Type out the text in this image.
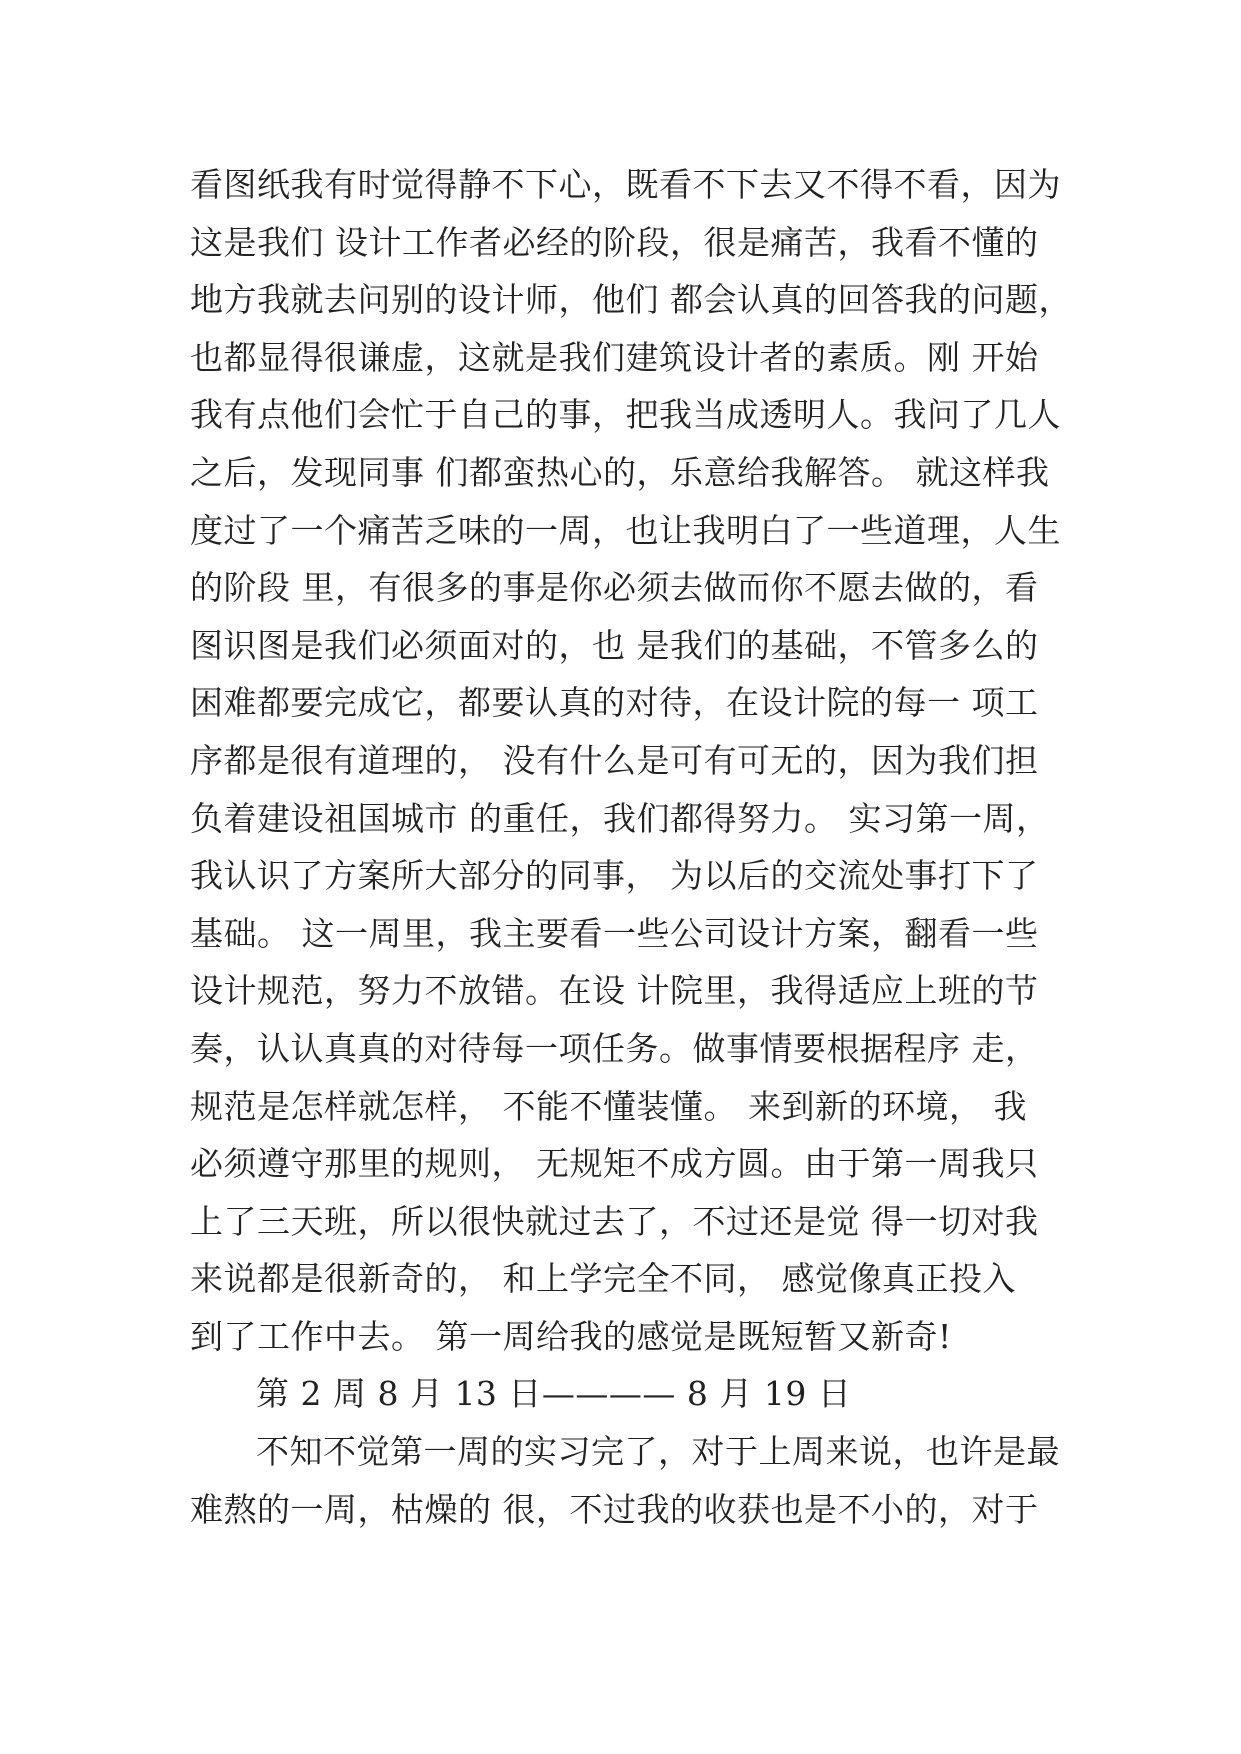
看图纸我有时觉得静不下心，既看不下去又不得不看，因为
这是我们 设计工作者必经的阶段，很是痛苦，我看不懂的
地方我就去问别的设计师，他们 都会认真的回答我的问题，
也都显得很谦虚，这就是我们建筑设计者的素质。刚 开始
我有点他们会忙于自己的事，把我当成透明人。我问了几人
之后，发现同事 们都蛮热心的，乐意给我解答。 就这样我
度过了一个痛苦乏味的一周，也让我明白了一些道理，人生
的阶段 里，有很多的事是你必须去做而你不愿去做的，看
图识图是我们必须面对的，也 是我们的基础，不管多么的
困难都要完成它，都要认真的对待，在设计院的每一 项工
序都是很有道理的， 没有什么是可有可无的，因为我们担
负着建设祖国城市 的重任，我们都得努力。 实习第一周，
我认识了方案所大部分的同事， 为以后的交流处事打下了
基础。 这一周里，我主要看一些公司设计方案，翻看一些
设计规范，努力不放错。在设 计院里，我得适应上班的节
奏，认认真真的对待每一项任务。做事情要根据程序 走，
规范是怎样就怎样， 不能不懂装懂。 来到新的环境， 我
必须遵守那里的规则， 无规矩不成方圆。由于第一周我只
上了三天班，所以很快就过去了，不过还是觉 得一切对我
来说都是很新奇的， 和上学完全不同， 感觉像真正投入
到了工作中去。 第一周给我的感觉是既短暂又新奇!
第 2 周 8 月 13 日———— 8 月 19 日
不知不觉第一周的实习完了，对于上周来说，也许是最
难熬的一周，枯燥的 很，不过我的收获也是不小的，对于
